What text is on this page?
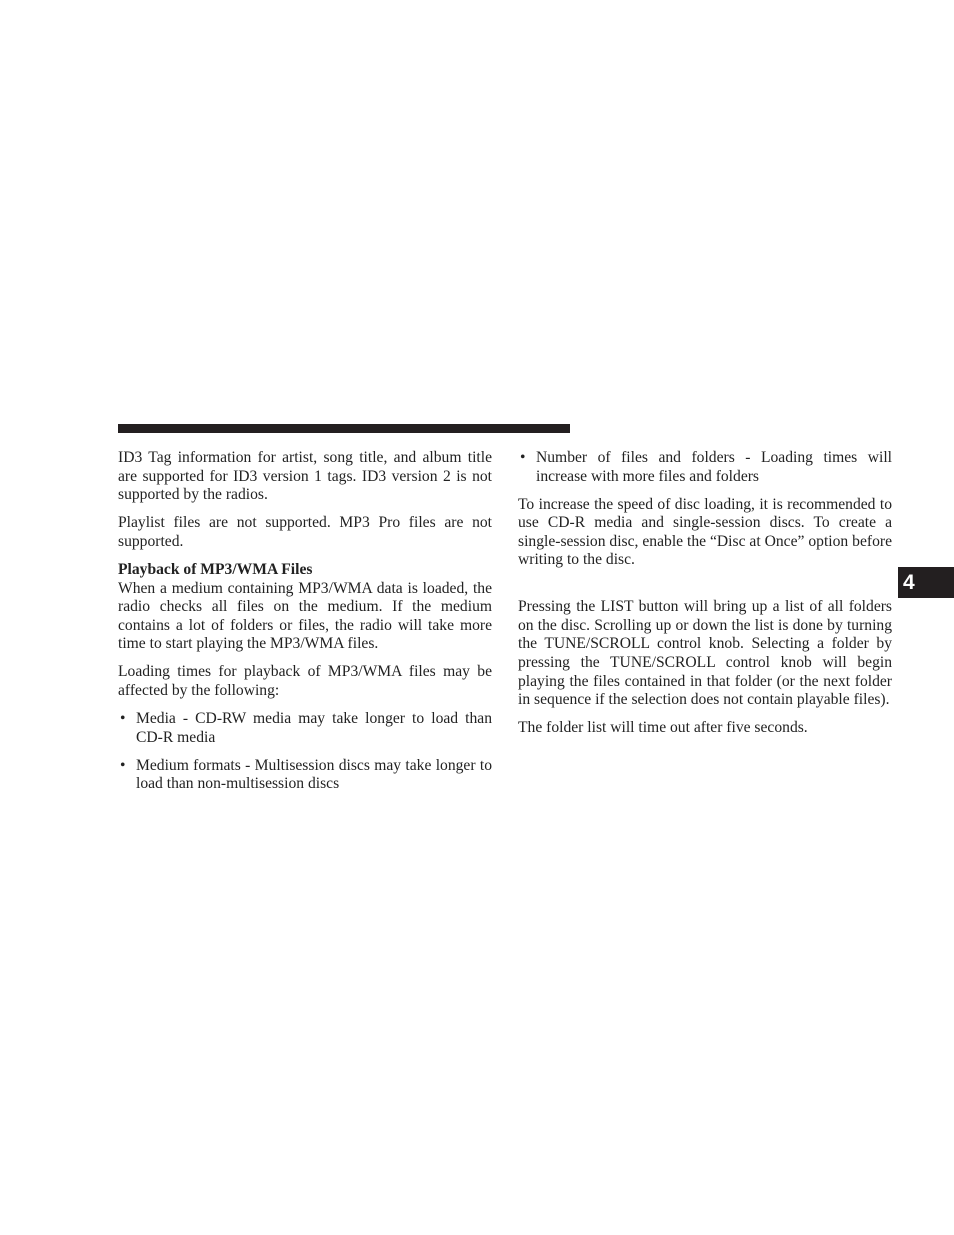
ID3 Tag information for artist, song title, and album title are supported for ID3 version 1 tags. ID3 version 2 is not supported by the radios.

Playlist files are not supported. MP3 Pro files are not supported.

Playback of MP3/WMA Files

When a medium containing MP3/WMA data is loaded, the radio checks all files on the medium. If the medium contains a lot of folders or files, the radio will take more time to start playing the MP3/WMA files.

Loading times for playback of MP3/WMA files may be affected by the following:

• Media - CD-RW media may take longer to load than CD-R media
• Medium formats - Multisession discs may take longer to load than non-multisession discs
• Number of files and folders - Loading times will increase with more files and folders

To increase the speed of disc loading, it is recommended to use CD-R media and single-session discs. To create a single-session disc, enable the “Disc at Once” option before writing to the disc.

Pressing the LIST button will bring up a list of all folders on the disc. Scrolling up or down the list is done by turning the TUNE/SCROLL control knob. Selecting a folder by pressing the TUNE/SCROLL control knob will begin playing the files contained in that folder (or the next folder in sequence if the selection does not contain playable files).

The folder list will time out after five seconds.

4
